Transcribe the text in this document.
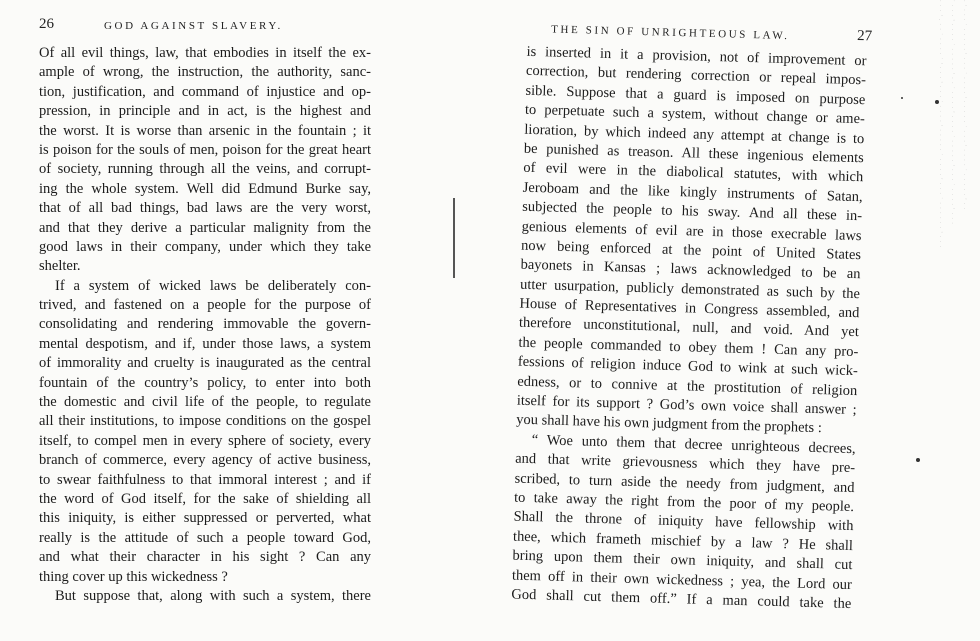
26	GOD AGAINST SLAVERY.
Of all evil things, law, that embodies in itself the ex-
ample of wrong, the instruction, the authority, sanc-
tion, justification, and command of injustice and op-
pression, in principle and in act, is the highest and
the worst. It is worse than arsenic in the fountain ; it
is poison for the souls of men, poison for the great heart
of society, running through all the veins, and corrupt-
ing the whole system. Well did Edmund Burke say,
that of all bad things, bad laws are the very worst,
and that they derive a particular malignity from the
good laws in their company, under which they take
shelter.
If a system of wicked laws be deliberately con-
trived, and fastened on a people for the purpose of
consolidating and rendering immovable the govern-
mental despotism, and if, under those laws, a system
of immorality and cruelty is inaugurated as the central
fountain of the country’s policy, to enter into both
the domestic and civil life of the people, to regulate
all their institutions, to impose conditions on the gospel
itself, to compel men in every sphere of society, every
branch of commerce, every agency of active business,
to swear faithfulness to that immoral interest ; and if
the word of God itself, for the sake of shielding all
this iniquity, is either suppressed or perverted, what
really is the attitude of such a people toward God,
and what their character in his sight ? Can any
thing cover up this wickedness ?
But suppose that, along with such a system, there
THE SIN OF UNRIGHTEOUS LAW.	27
is inserted in it a provision, not of improvement or
correction, but rendering correction or repeal impos-
sible. Suppose that a guard is imposed on purpose
to perpetuate such a system, without change or ame-
lioration, by which indeed any attempt at change is to
be punished as treason. All these ingenious elements
of evil were in the diabolical statutes, with which
Jeroboam and the like kingly instruments of Satan,
subjected the people to his sway. And all these in-
genious elements of evil are in those execrable laws
now being enforced at the point of United States
bayonets in Kansas ; laws acknowledged to be an
utter usurpation, publicly demonstrated as such by the
House of Representatives in Congress assembled, and
therefore unconstitutional, null, and void. And yet
the people commanded to obey them ! Can any pro-
fessions of religion induce God to wink at such wick-
edness, or to connive at the prostitution of religion
itself for its support ? God’s own voice shall answer ;
you shall have his own judgment from the prophets :
“ Woe unto them that decree unrighteous decrees,
and that write grievousness which they have pre-
scribed, to turn aside the needy from judgment, and
to take away the right from the poor of my people.
Shall the throne of iniquity have fellowship with
thee, which frameth mischief by a law ? He shall
bring upon them their own iniquity, and shall cut
them off in their own wickedness ; yea, the Lord our
God shall cut them off.” If a man could take the
· · · ' . · · ˙ · · · · ˙ ' · · · ' · · · ˙ · · · · ' · · · · · ˙ · · · · ' · · · ˙ · · · · · · ' · · · ˙ · · · ' · · · · ˙ · · · · · ' · · ˙ · · · · ' · · · · ˙ · · · · · ' · · · ˙ · · · · ' · · · · ' · · · ˙ · · · · · ' · · · ˙ · · · · ' · · · · · ˙ · · · ' · · · · ˙ · · · · · ' · ·
